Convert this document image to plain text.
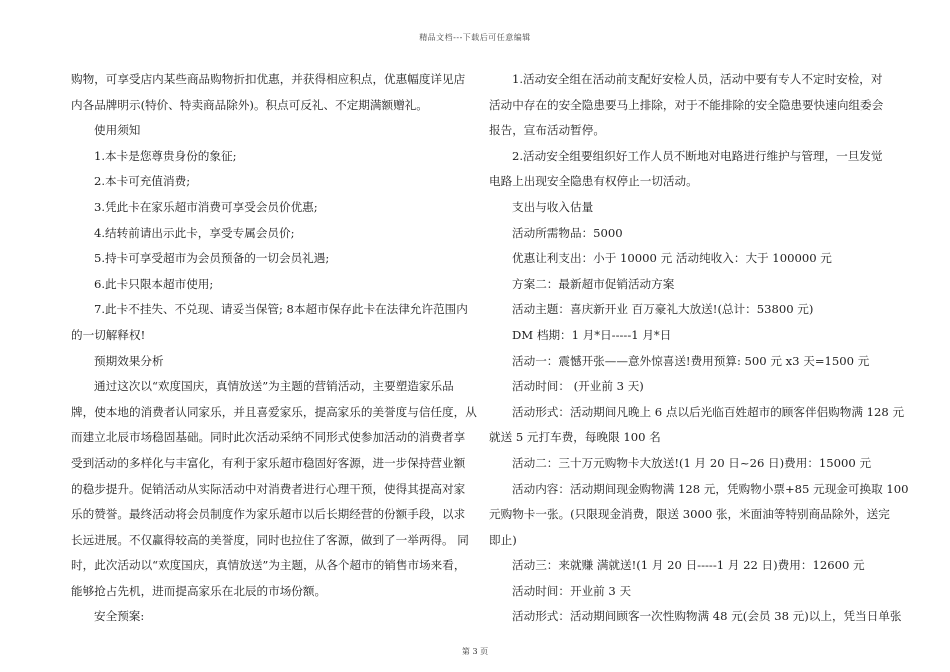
精品文档---下载后可任意编辑

购物，可享受店内某些商品购物折扣优惠，并获得相应积点，优惠幅度详见店

内各品牌明示(特价、特卖商品除外)。积点可反礼、不定期满额赠礼。

使用须知

1.本卡是您尊贵身份的象征;

2.本卡可充值消费;

3.凭此卡在家乐超市消费可享受会员价优惠;

4.结转前请出示此卡，享受专属会员价;

5.持卡可享受超市为会员预备的一切会员礼遇;

6.此卡只限本超市使用;

7.此卡不挂失、不兑现、请妥当保管; 8本超市保存此卡在法律允许范围内

的一切解释权!

预期效果分析

通过这次以“欢度国庆，真情放送”为主题的营销活动，主要塑造家乐品

牌，使本地的消费者认同家乐，并且喜爱家乐，提高家乐的美誉度与信任度，从

而建立北辰市场稳固基础。同时此次活动采纳不同形式使参加活动的消费者享

受到活动的多样化与丰富化，有利于家乐超市稳固好客源，进一步保持营业额

的稳步提升。促销活动从实际活动中对消费者进行心理干预，使得其提高对家

乐的赞誉。最终活动将会员制度作为家乐超市以后长期经营的份额手段，以求

长远进展。不仅赢得较高的美誉度，同时也拉住了客源，做到了一举两得。 同

时，此次活动以“欢度国庆，真情放送”为主题，从各个超市的销售市场来看，

能够抢占先机，进而提高家乐在北辰的市场份额。

安全预案:

1.活动安全组在活动前支配好安检人员，活动中要有专人不定时安检，对

活动中存在的安全隐患要马上排除，对于不能排除的安全隐患要快速向组委会

报告，宣布活动暂停。

2.活动安全组要组织好工作人员不断地对电路进行维护与管理，一旦发觉

电路上出现安全隐患有权停止一切活动。

支出与收入估量

活动所需物品：5000

优惠让利支出：小于 10000 元 活动纯收入：大于 100000 元

方案二：最新超市促销活动方案

活动主题：喜庆新开业 百万豪礼大放送!(总计：53800 元)

DM 档期：1 月*日-----1 月*日

活动一：震憾开张——意外惊喜送!费用预算: 500 元 x3 天=1500 元

活动时间： (开业前 3 天)

活动形式：活动期间凡晚上 6 点以后光临百姓超市的顾客伴侣购物满 128 元

就送 5 元打车费，每晚限 100 名

活动二：三十万元购物卡大放送!(1 月 20 日~26 日)费用：15000 元

活动内容：活动期间现金购物满 128 元，凭购物小票+85 元现金可换取 100

元购物卡一张。(只限现金消费，限送 3000 张，米面油等特别商品除外，送完

即止)

活动三：来就赚 满就送!(1 月 20 日-----1 月 22 日)费用：12600 元

活动时间：开业前 3 天

活动形式：活动期间顾客一次性购物满 48 元(会员 38 元)以上，凭当日单张

第 3 页
